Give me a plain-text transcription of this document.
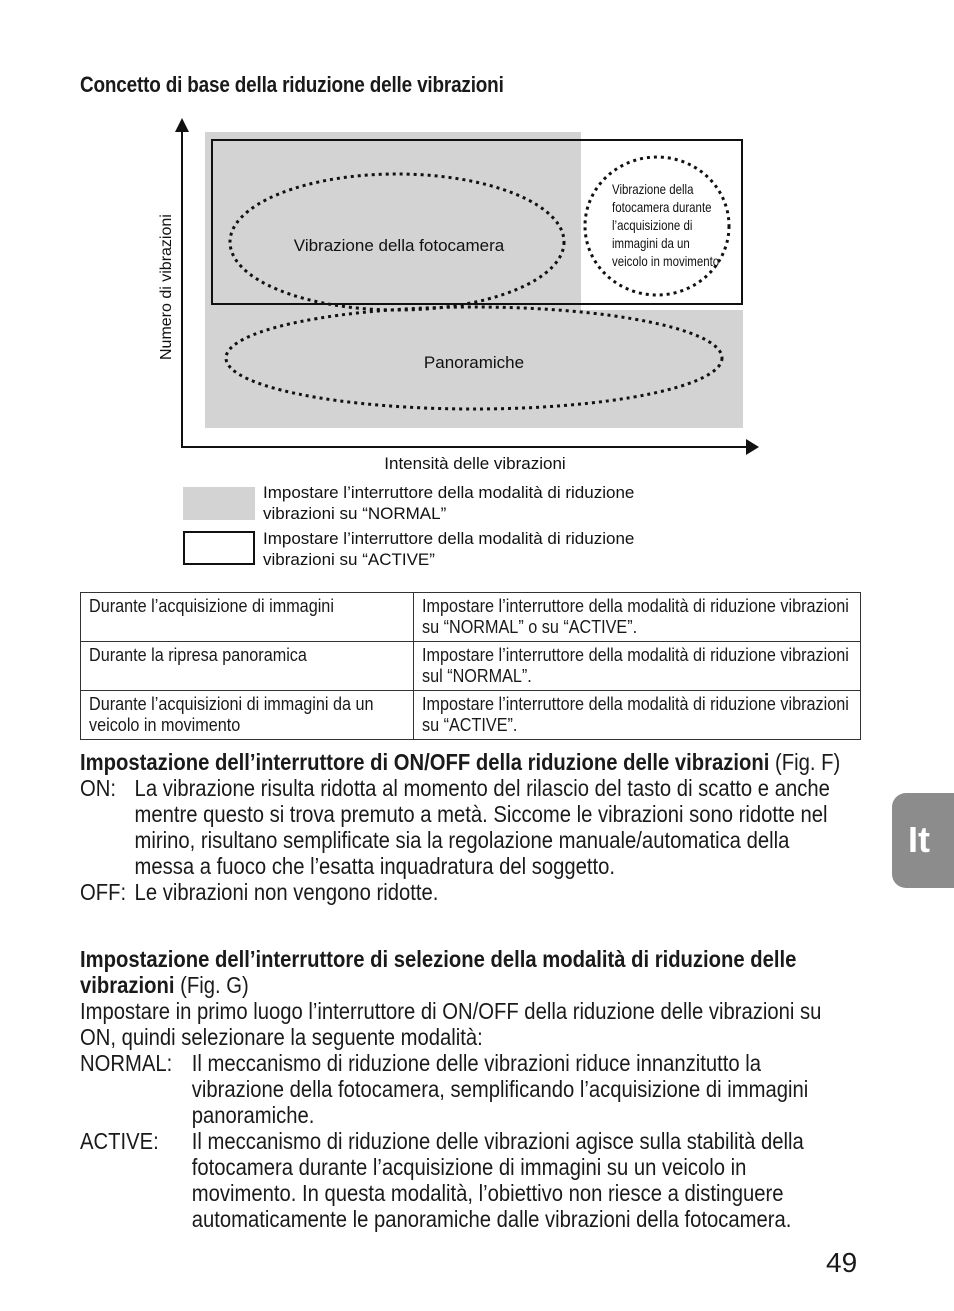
Concetto di base della riduzione delle vibrazioni
Vibrazione della fotocamera
Panoramiche
Vibrazione della
fotocamera durante
l’acquisizione di
immagini da un
veicolo in movimento
Numero di vibrazioni
Intensità delle vibrazioni
Impostare l’interruttore della modalità di riduzione
vibrazioni su “NORMAL”
Impostare l’interruttore della modalità di riduzione
vibrazioni su “ACTIVE”
Durante l’acquisizione di immagini	Impostare l’interruttore della modalità di riduzione vibrazioni su “NORMAL” o su “ACTIVE”.

Durante la ripresa panoramica	Impostare l’interruttore della modalità di riduzione vibrazioni sul “NORMAL”.

Durante l’acquisizioni di immagini da un veicolo in movimento	Impostare l’interruttore della modalità di riduzione vibrazioni su “ACTIVE”.
Impostazione dell’interruttore di ON/OFF della riduzione delle vibrazioni (Fig. F)
ON: La vibrazione risulta ridotta al momento del rilascio del tasto di scatto e anche mentre questo si trova premuto a metà. Siccome le vibrazioni sono ridotte nel mirino, risultano semplificate sia la regolazione manuale/automatica della messa a fuoco che l’esatta inquadratura del soggetto.
OFF: Le vibrazioni non vengono ridotte.
Impostazione dell’interruttore di selezione della modalità di riduzione delle vibrazioni (Fig. G)

Impostare in primo luogo l’interruttore di ON/OFF della riduzione delle vibrazioni su ON, quindi selezionare la seguente modalità:

NORMAL: Il meccanismo di riduzione delle vibrazioni riduce innanzitutto la vibrazione della fotocamera, semplificando l’acquisizione di immagini panoramiche.
ACTIVE:	Il meccanismo di riduzione delle vibrazioni agisce sulla stabilità della fotocamera durante l’acquisizione di immagini su un veicolo in movimento. In questa modalità, l’obiettivo non riesce a distinguere automaticamente le panoramiche dalle vibrazioni della fotocamera.
It
49
